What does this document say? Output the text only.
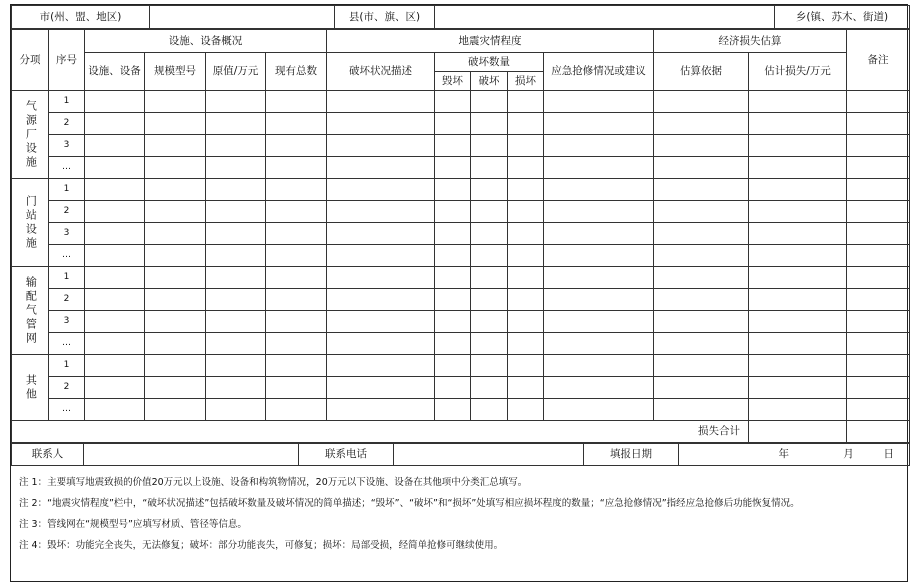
市(州、盟、地区)		县(市、旗、区)		乡(镇、苏木、街道)
分项	序号	设施、设备概况				地震灾情程度					经济损失估算		备注
		设施、设备	规模型号	原值/万元	现有总数	破坏状况描述	破坏数量			应急抢修情况或建议	估算依据	估计损失/万元	
							毁坏	破坏	损坏				
气源厂设施	1												
	2												
	3												
	…												
门站设施	1												
	2												
	3												
	…												
输配气管网	1												
	2												
	3												
	…												
其他	1												
	2												
	…												
损失合计													
联系人		联系电话		填报日期		年	月	日
注 1：主要填写地震致损的价值20万元以上设施、设备和构筑物情况，20万元以下设施、设备在其他项中分类汇总填写。
注 2：“地震灾情程度”栏中，“破坏状况描述”包括破坏数量及破坏情况的简单描述；“毁坏”、“破坏”和“损坏”处填写相应损坏程度的数量；“应急抢修情况”指经应急抢修后功能恢复情况。
注 3：管线网在“规模型号”应填写材质、管径等信息。
注 4：毁坏：功能完全丧失，无法修复；破坏：部分功能丧失，可修复；损坏：局部受损，经简单抢修可继续使用。
